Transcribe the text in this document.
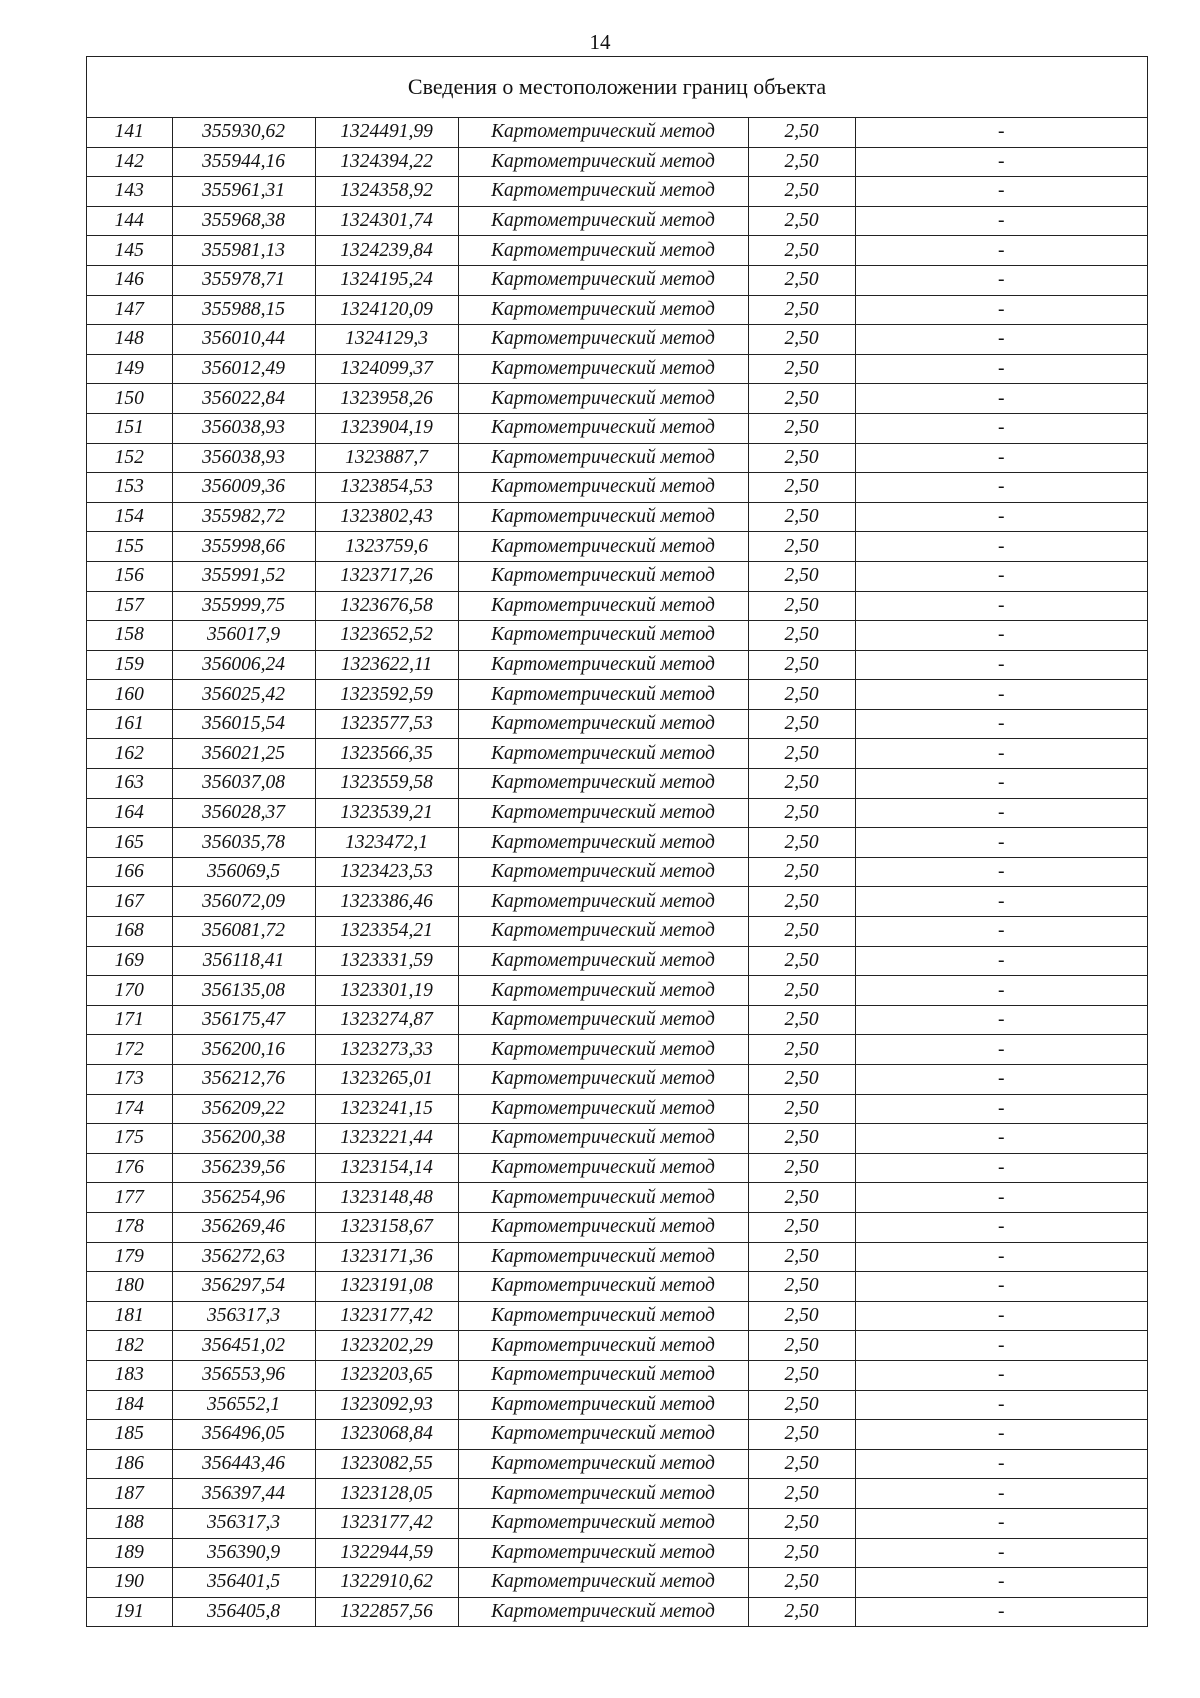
14
Сведения о местоположении границ объекта
141	355930,62	1324491,99	Картометрический метод	2,50	-
142	355944,16	1324394,22	Картометрический метод	2,50	-
143	355961,31	1324358,92	Картометрический метод	2,50	-
144	355968,38	1324301,74	Картометрический метод	2,50	-
145	355981,13	1324239,84	Картометрический метод	2,50	-
146	355978,71	1324195,24	Картометрический метод	2,50	-
147	355988,15	1324120,09	Картометрический метод	2,50	-
148	356010,44	1324129,3	Картометрический метод	2,50	-
149	356012,49	1324099,37	Картометрический метод	2,50	-
150	356022,84	1323958,26	Картометрический метод	2,50	-
151	356038,93	1323904,19	Картометрический метод	2,50	-
152	356038,93	1323887,7	Картометрический метод	2,50	-
153	356009,36	1323854,53	Картометрический метод	2,50	-
154	355982,72	1323802,43	Картометрический метод	2,50	-
155	355998,66	1323759,6	Картометрический метод	2,50	-
156	355991,52	1323717,26	Картометрический метод	2,50	-
157	355999,75	1323676,58	Картометрический метод	2,50	-
158	356017,9	1323652,52	Картометрический метод	2,50	-
159	356006,24	1323622,11	Картометрический метод	2,50	-
160	356025,42	1323592,59	Картометрический метод	2,50	-
161	356015,54	1323577,53	Картометрический метод	2,50	-
162	356021,25	1323566,35	Картометрический метод	2,50	-
163	356037,08	1323559,58	Картометрический метод	2,50	-
164	356028,37	1323539,21	Картометрический метод	2,50	-
165	356035,78	1323472,1	Картометрический метод	2,50	-
166	356069,5	1323423,53	Картометрический метод	2,50	-
167	356072,09	1323386,46	Картометрический метод	2,50	-
168	356081,72	1323354,21	Картометрический метод	2,50	-
169	356118,41	1323331,59	Картометрический метод	2,50	-
170	356135,08	1323301,19	Картометрический метод	2,50	-
171	356175,47	1323274,87	Картометрический метод	2,50	-
172	356200,16	1323273,33	Картометрический метод	2,50	-
173	356212,76	1323265,01	Картометрический метод	2,50	-
174	356209,22	1323241,15	Картометрический метод	2,50	-
175	356200,38	1323221,44	Картометрический метод	2,50	-
176	356239,56	1323154,14	Картометрический метод	2,50	-
177	356254,96	1323148,48	Картометрический метод	2,50	-
178	356269,46	1323158,67	Картометрический метод	2,50	-
179	356272,63	1323171,36	Картометрический метод	2,50	-
180	356297,54	1323191,08	Картометрический метод	2,50	-
181	356317,3	1323177,42	Картометрический метод	2,50	-
182	356451,02	1323202,29	Картометрический метод	2,50	-
183	356553,96	1323203,65	Картометрический метод	2,50	-
184	356552,1	1323092,93	Картометрический метод	2,50	-
185	356496,05	1323068,84	Картометрический метод	2,50	-
186	356443,46	1323082,55	Картометрический метод	2,50	-
187	356397,44	1323128,05	Картометрический метод	2,50	-
188	356317,3	1323177,42	Картометрический метод	2,50	-
189	356390,9	1322944,59	Картометрический метод	2,50	-
190	356401,5	1322910,62	Картометрический метод	2,50	-
191	356405,8	1322857,56	Картометрический метод	2,50	-
